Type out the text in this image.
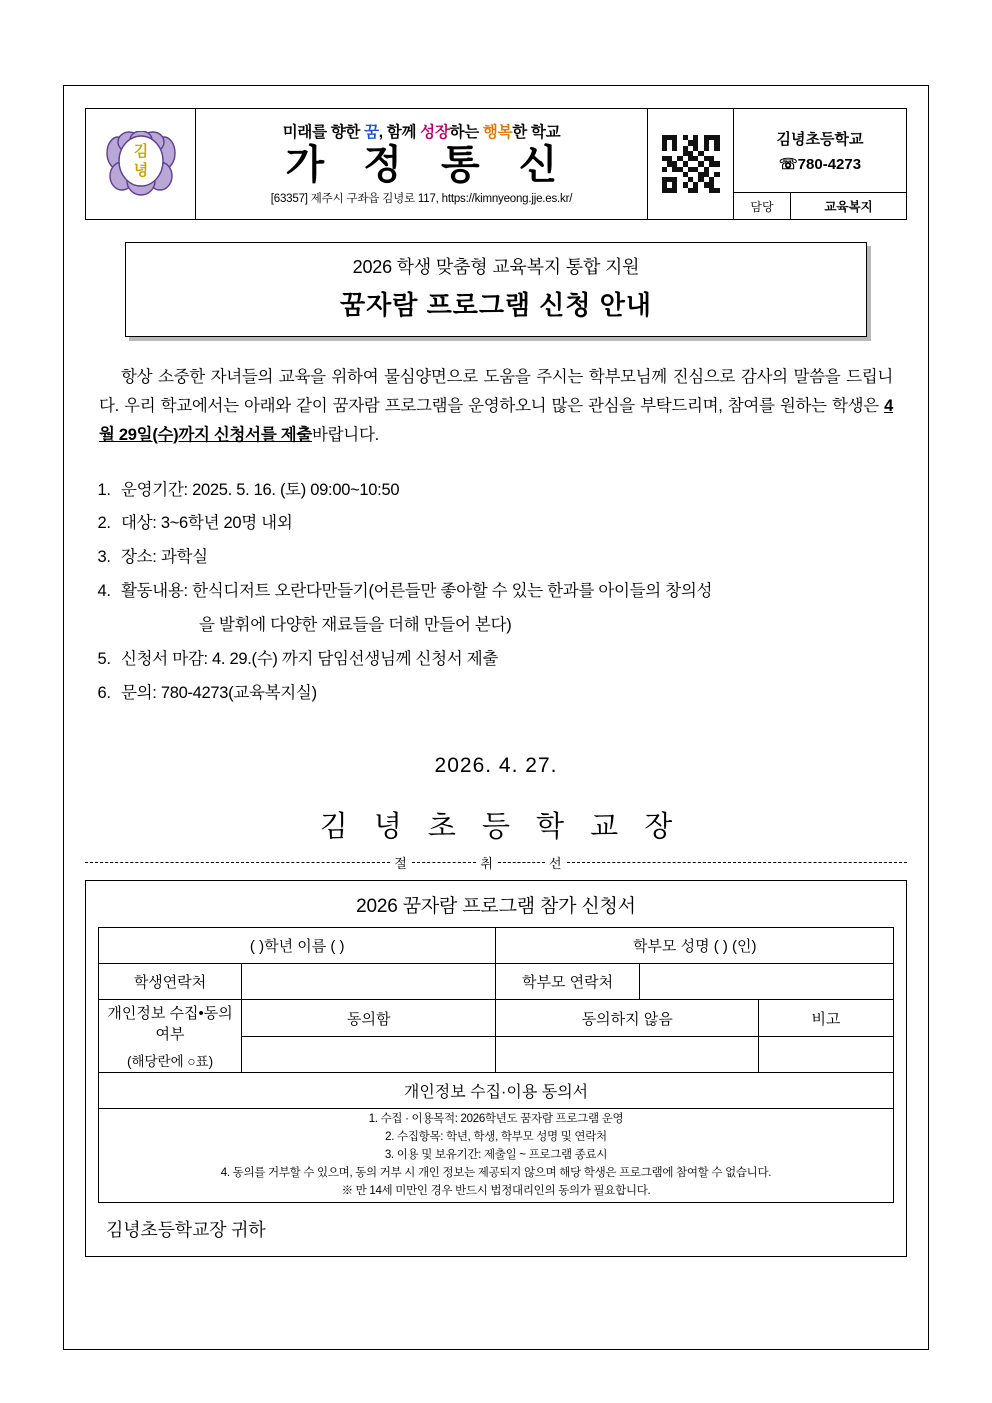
김
녕
미래를 향한 꿈, 함께 성장하는 행복한 학교
가 정 통 신
[63357] 제주시 구좌읍 김녕로 117, https://kimnyeong.jje.es.kr/
김녕초등학교
☏780-4273
담당	교육복지
2026 학생 맞춤형 교육복지 통합 지원
꿈자람 프로그램 신청 안내
항상 소중한 자녀들의 교육을 위하여 물심양면으로 도움을 주시는 학부모님께 진심으로 감사의 말씀을 드립니다. 우리 학교에서는 아래와 같이 꿈자람 프로그램을 운영하오니 많은 관심을 부탁드리며, 참여를 원하는 학생은 4월 29일(수)까지 신청서를 제출바랍니다.
1. 운영기간: 2025. 5. 16. (토) 09:00~10:50
2. 대상: 3~6학년 20명 내외
3. 장소: 과학실
4. 활동내용: 한식디저트 오란다만들기(어른들만 좋아할 수 있는 한과를 아이들의 창의성
을 발휘에 다양한 재료들을 더해 만들어 본다)
5. 신청서 마감: 4. 29.(수) 까지 담임선생님께 신청서 제출
6. 문의: 780-4273(교육복지실)
2026. 4. 27.
김 녕 초 등 학 교 장
절	취	선
2026 꿈자람 프로그램 참가 신청서
( )학년 이름 ( )		학부모 성명 ( ) (인)		
학생연락처		학부모 연락처		

개인정보 수집•동의 여부
(해당란에 ○표)	동의함	동의하지 않음		비고

개인정보 수집·이용 동의서				

1. 수집 · 이용목적: 2026학년도 꿈자람 프로그램 운영
2. 수집항목: 학년, 학생, 학부모 성명 및 연락처
3. 이용 및 보유기간: 제출일 ~ 프로그램 종료시
4. 동의를 거부할 수 있으며, 동의 거부 시 개인 정보는 제공되지 않으며 해당 학생은 프로그램에 참여할 수 없습니다.
※ 만 14세 미만인 경우 반드시 법정대리인의 동의가 필요합니다.				
김녕초등학교장 귀하
